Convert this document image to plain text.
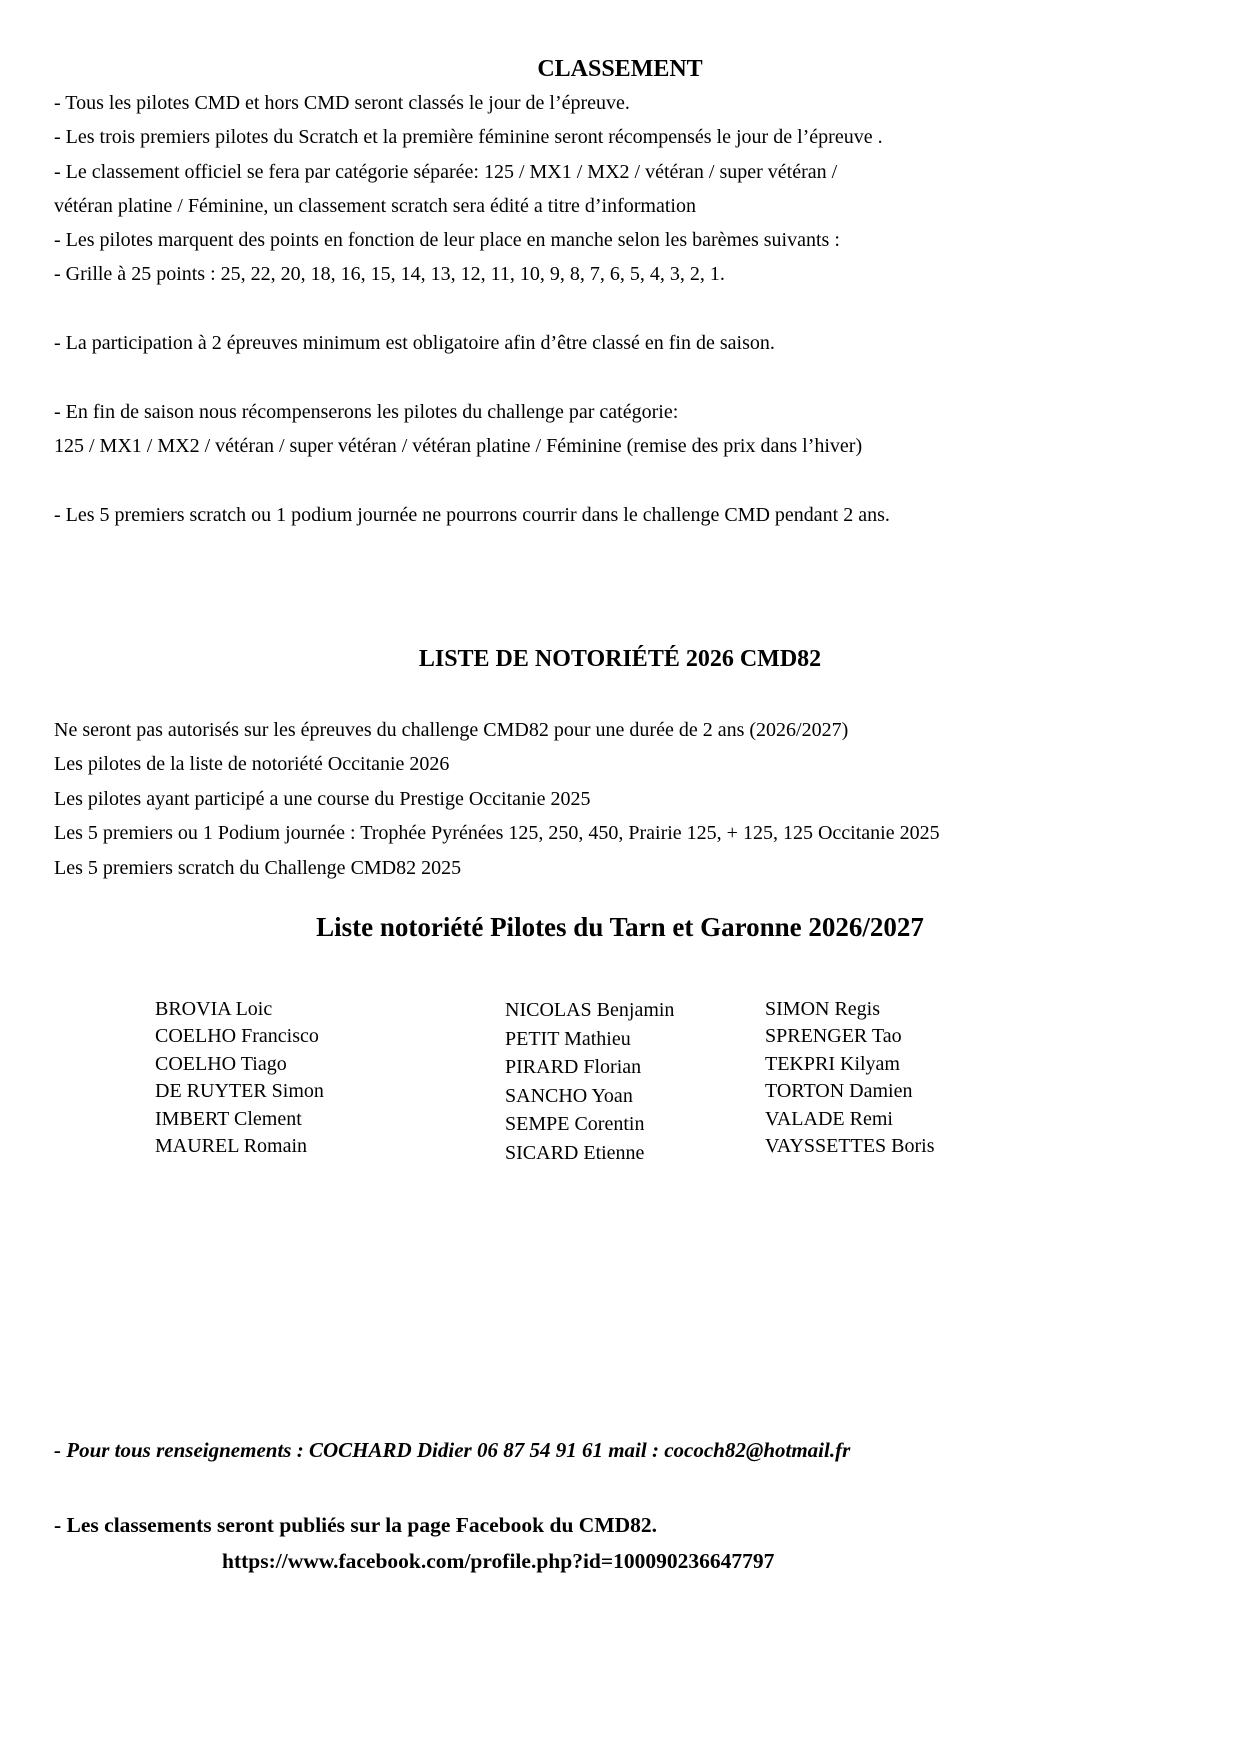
CLASSEMENT
- Tous les pilotes CMD et hors CMD seront classés le jour de l’épreuve.
- Les trois premiers pilotes du Scratch et la première féminine seront récompensés le jour de l’épreuve .
- Le classement officiel se fera par catégorie séparée: 125 / MX1 / MX2 / vétéran / super vétéran /
vétéran platine / Féminine, un classement scratch sera édité a titre d’information
- Les pilotes marquent des points en fonction de leur place en manche selon les barèmes suivants :
- Grille à 25 points : 25, 22, 20, 18, 16, 15, 14, 13, 12, 11, 10, 9, 8, 7, 6, 5, 4, 3, 2, 1.
- La participation à 2 épreuves minimum est obligatoire afin d’être classé en fin de saison.
- En fin de saison nous récompenserons les pilotes du challenge par catégorie:
125 / MX1 / MX2 / vétéran / super vétéran / vétéran platine / Féminine (remise des prix dans l’hiver)
- Les 5 premiers scratch ou 1 podium journée ne pourrons courrir dans le challenge CMD pendant 2 ans.
LISTE DE NOTORIÉTÉ 2026 CMD82
Ne seront pas autorisés sur les épreuves du challenge CMD82 pour une durée de 2 ans (2026/2027)
Les pilotes de la liste de notoriété Occitanie 2026
Les pilotes ayant participé a une course du Prestige Occitanie 2025
Les 5 premiers ou 1 Podium journée : Trophée Pyrénées 125, 250, 450, Prairie 125, + 125, 125 Occitanie 2025
Les 5 premiers scratch du Challenge CMD82 2025
Liste notoriété Pilotes du Tarn et Garonne 2026/2027
BROVIA Loic
COELHO Francisco
COELHO Tiago
DE RUYTER Simon
IMBERT Clement
MAUREL Romain
NICOLAS Benjamin
PETIT Mathieu
PIRARD Florian
SANCHO Yoan
SEMPE Corentin
SICARD Etienne
SIMON Regis
SPRENGER Tao
TEKPRI Kilyam
TORTON Damien
VALADE Remi
VAYSSETTES Boris
- Pour tous renseignements : COCHARD Didier 06 87 54 91 61 mail : cococh82@hotmail.fr
- Les classements seront publiés sur la page Facebook du CMD82.
https://www.facebook.com/profile.php?id=100090236647797
